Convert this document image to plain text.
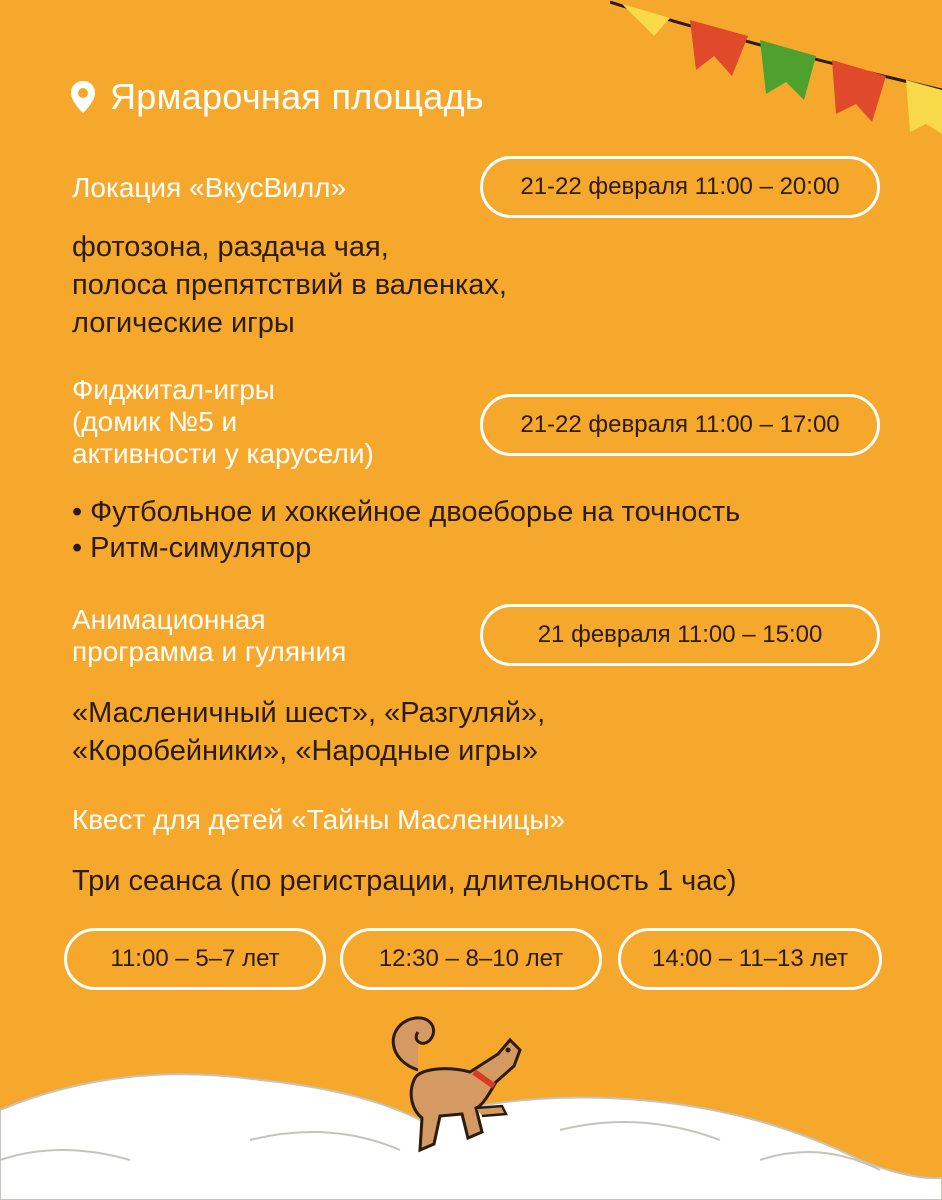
Ярмарочная площадь
Локация «ВкусВилл»	21-22 февраля 11:00 – 20:00
фотозона, раздача чая,
полоса препятствий в валенках,
логические игры
Фиджитал-игры
(домик №5 и
активности у карусели)
21-22 февраля 11:00 – 17:00
• Футбольное и хоккейное двоеборье на точность
• Ритм-симулятор
Анимационная
программа и гуляния
21 февраля 11:00 – 15:00
«Масленичный шест», «Разгуляй»,
«Коробейники», «Народные игры»
Квест для детей «Тайны Масленицы»
Три сеанса (по регистрации, длительность 1 час)
11:00 – 5–7 лет	12:30 – 8–10 лет	14:00 – 11–13 лет
